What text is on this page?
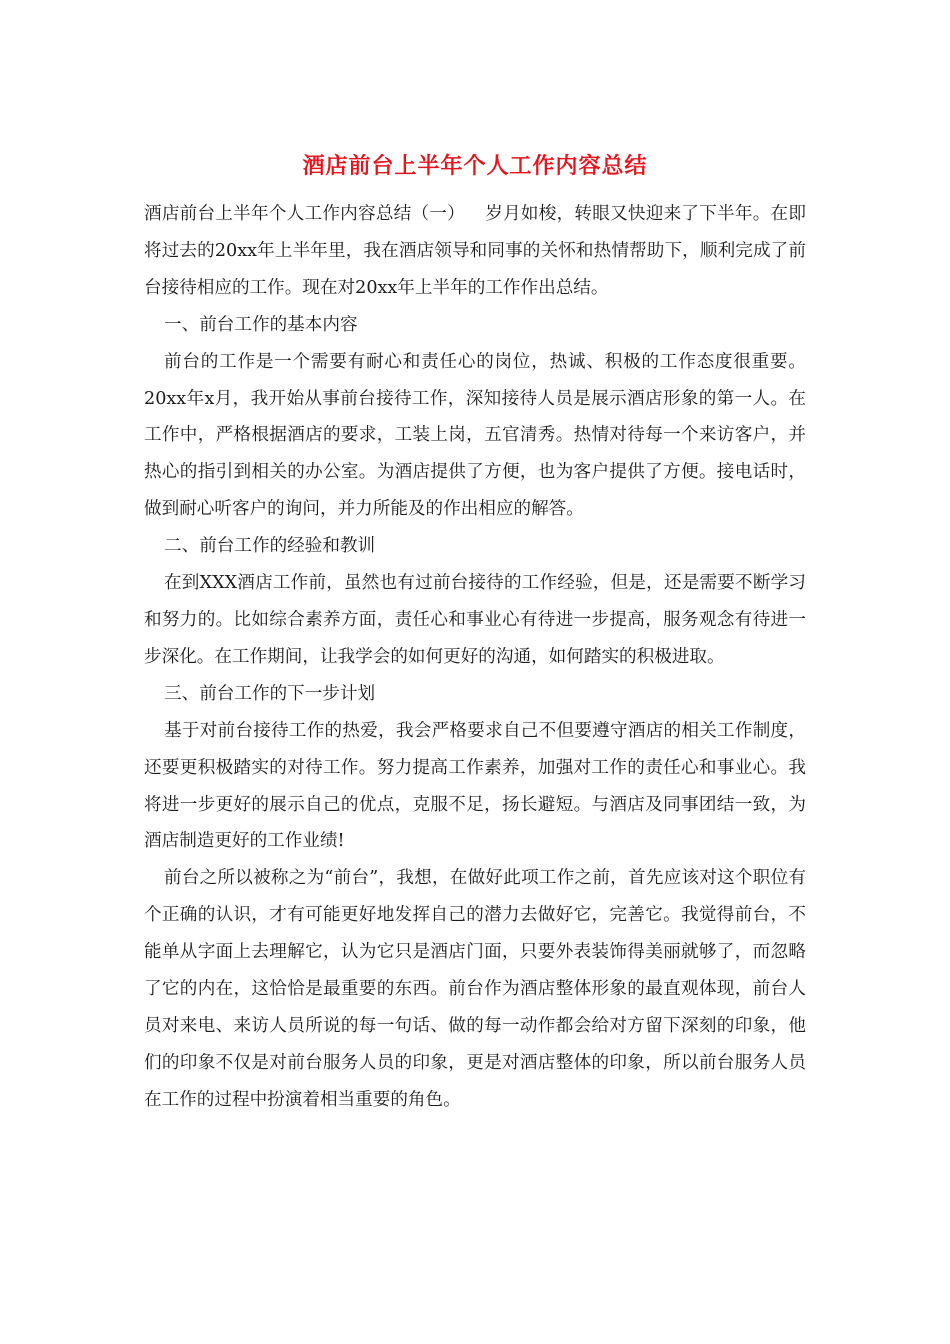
酒店前台上半年个人工作内容总结

酒店前台上半年个人工作内容总结（一） 岁月如梭，转眼又快迎来了下半年。在即将过去的20xx年上半年里，我在酒店领导和同事的关怀和热情帮助下，顺利完成了前台接待相应的工作。现在对20xx年上半年的工作作出总结。

一、前台工作的基本内容

前台的工作是一个需要有耐心和责任心的岗位，热诚、积极的工作态度很重要。20xx年x月，我开始从事前台接待工作，深知接待人员是展示酒店形象的第一人。在工作中，严格根据酒店的要求，工装上岗，五官清秀。热情对待每一个来访客户，并热心的指引到相关的办公室。为酒店提供了方便，也为客户提供了方便。接电话时，做到耐心听客户的询问，并力所能及的作出相应的解答。

二、前台工作的经验和教训

在到XXX酒店工作前，虽然也有过前台接待的工作经验，但是，还是需要不断学习和努力的。比如综合素养方面，责任心和事业心有待进一步提高，服务观念有待进一步深化。在工作期间，让我学会的如何更好的沟通，如何踏实的积极进取。

三、前台工作的下一步计划

基于对前台接待工作的热爱，我会严格要求自己不但要遵守酒店的相关工作制度，还要更积极踏实的对待工作。努力提高工作素养，加强对工作的责任心和事业心。我将进一步更好的展示自己的优点，克服不足，扬长避短。与酒店及同事团结一致，为酒店制造更好的工作业绩!

前台之所以被称之为“前台”，我想，在做好此项工作之前，首先应该对这个职位有个正确的认识，才有可能更好地发挥自己的潜力去做好它，完善它。我觉得前台，不能单从字面上去理解它，认为它只是酒店门面，只要外表装饰得美丽就够了，而忽略了它的内在，这恰恰是最重要的东西。前台作为酒店整体形象的最直观体现，前台人员对来电、来访人员所说的每一句话、做的每一动作都会给对方留下深刻的印象，他们的印象不仅是对前台服务人员的印象，更是对酒店整体的印象，所以前台服务人员在工作的过程中扮演着相当重要的角色。
